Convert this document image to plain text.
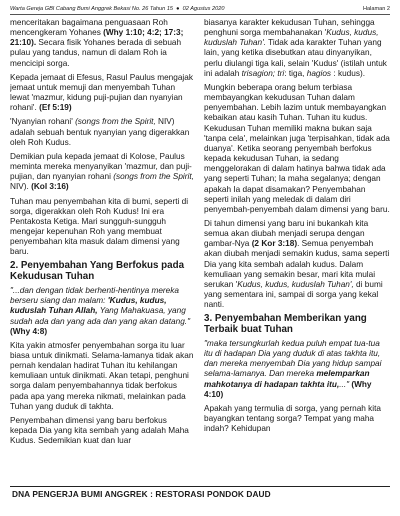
Warta Gereja GBI Cabang Bumi Anggrek Bekasi No. 26 Tahun 15 ● 02 Agustus 2020	Halaman 2

menceritakan bagaimana penguasaan Roh mencengkeram Yohanes (Why 1:10; 4:2; 17:3; 21:10). Secara fisik Yohanes berada di sebuah pulau yang tandus, namun di dalam Roh ia mencicipi sorga.

Kepada jemaat di Efesus, Rasul Paulus mengajak jemaat untuk memuji dan menyembah Tuhan lewat 'mazmur, kidung puji-pujian dan nyanyian rohani'. (Ef 5:19)

'Nyanyian rohani' (songs from the Spirit, NIV) adalah sebuah bentuk nyanyian yang digerakkan oleh Roh Kudus.

Demikian pula kepada jemaat di Kolose, Paulus meminta mereka menyanyikan 'mazmur, dan puji-pujian, dan nyanyian rohani (songs from the Spirit, NIV). (Kol 3:16)

Tuhan mau penyembahan kita di bumi, seperti di sorga, digerakkan oleh Roh Kudus! Ini era Pentakosta Ketiga. Mari sungguh-sungguh mengejar kepenuhan Roh yang membuat penyembahan kita masuk dalam dimensi yang baru.

2. Penyembahan Yang Berfokus pada Kekudusan Tuhan

"...dan dengan tidak berhenti-hentinya mereka berseru siang dan malam: 'Kudus, kudus, kuduslah Tuhan Allah, Yang Mahakuasa, yang sudah ada dan yang ada dan yang akan datang." (Why 4:8)

Kita yakin atmosfer penyembahan sorga itu luar biasa untuk dinikmati. Selama-lamanya tidak akan pernah kendalan hadirat Tuhan itu kehilangan kemuliaan untuk dinikmati. Akan tetapi, penghuni sorga dalam penyembahannya tidak berfokus pada apa yang mereka nikmati, melainkan pada Tuhan yang duduk di takhta.

Penyembahan dimensi yang baru berfokus kepada Dia yang kita sembah yang adalah Maha Kudus. Sedemikian kuat dan luar

biasanya karakter kekudusan Tuhan, sehingga penghuni sorga membahanakan 'Kudus, kudus, kuduslah Tuhan'. Tidak ada karakter Tuhan yang lain, yang ketika disebutkan atau dinyanyikan, perlu diulangi tiga kali, selain 'Kudus' (istilah untuk ini adalah trisagion; tri: tiga, hagios : kudus).

Mungkin beberapa orang belum terbiasa membayangkan kekudusan Tuhan dalam penyembahan. Lebih lazim untuk membayangkan kebaikan atau kasih Tuhan. Tuhan itu kudus. Kekudusan Tuhan memiliki makna bukan saja 'tanpa cela', melainkan juga 'terpisahkan, tidak ada duanya'. Ketika seorang penyembah berfokus kepada kekudusan Tuhan, ia sedang menggelorakan di dalam hatinya bahwa tidak ada yang seperti Tuhan; Ia maha segalanya; dengan apakah Ia dapat disamakan? Penyembahan seperti inilah yang meledak di dalam diri penyembah-penyembah dalam dimensi yang baru.

Di tahun dimensi yang baru ini bukankah kita semua akan diubah menjadi serupa dengan gambar-Nya (2 Kor 3:18). Semua penyembah akan diubah menjadi semakin kudus, sama seperti Dia yang kita sembah adalah kudus. Dalam kemuliaan yang semakin besar, mari kita mulai serukan 'Kudus, kudus, kuduslah Tuhan', di bumi yang sementara ini, sampai di sorga yang kekal nanti.

3. Penyembahan Memberikan yang Terbaik buat Tuhan

"maka tersungkurlah kedua puluh empat tua-tua itu di hadapan Dia yang duduk di atas takhta itu, dan mereka menyembah Dia yang hidup sampai selama-lamanya. Dan mereka melemparkan mahkotanya di hadapan takhta itu,..." (Why 4:10)

Apakah yang termulia di sorga, yang pernah kita bayangkan tentang sorga? Tempat yang maha indah? Kehidupan

DNA PENGERJA BUMI ANGGREK : RESTORASI PONDOK DAUD
